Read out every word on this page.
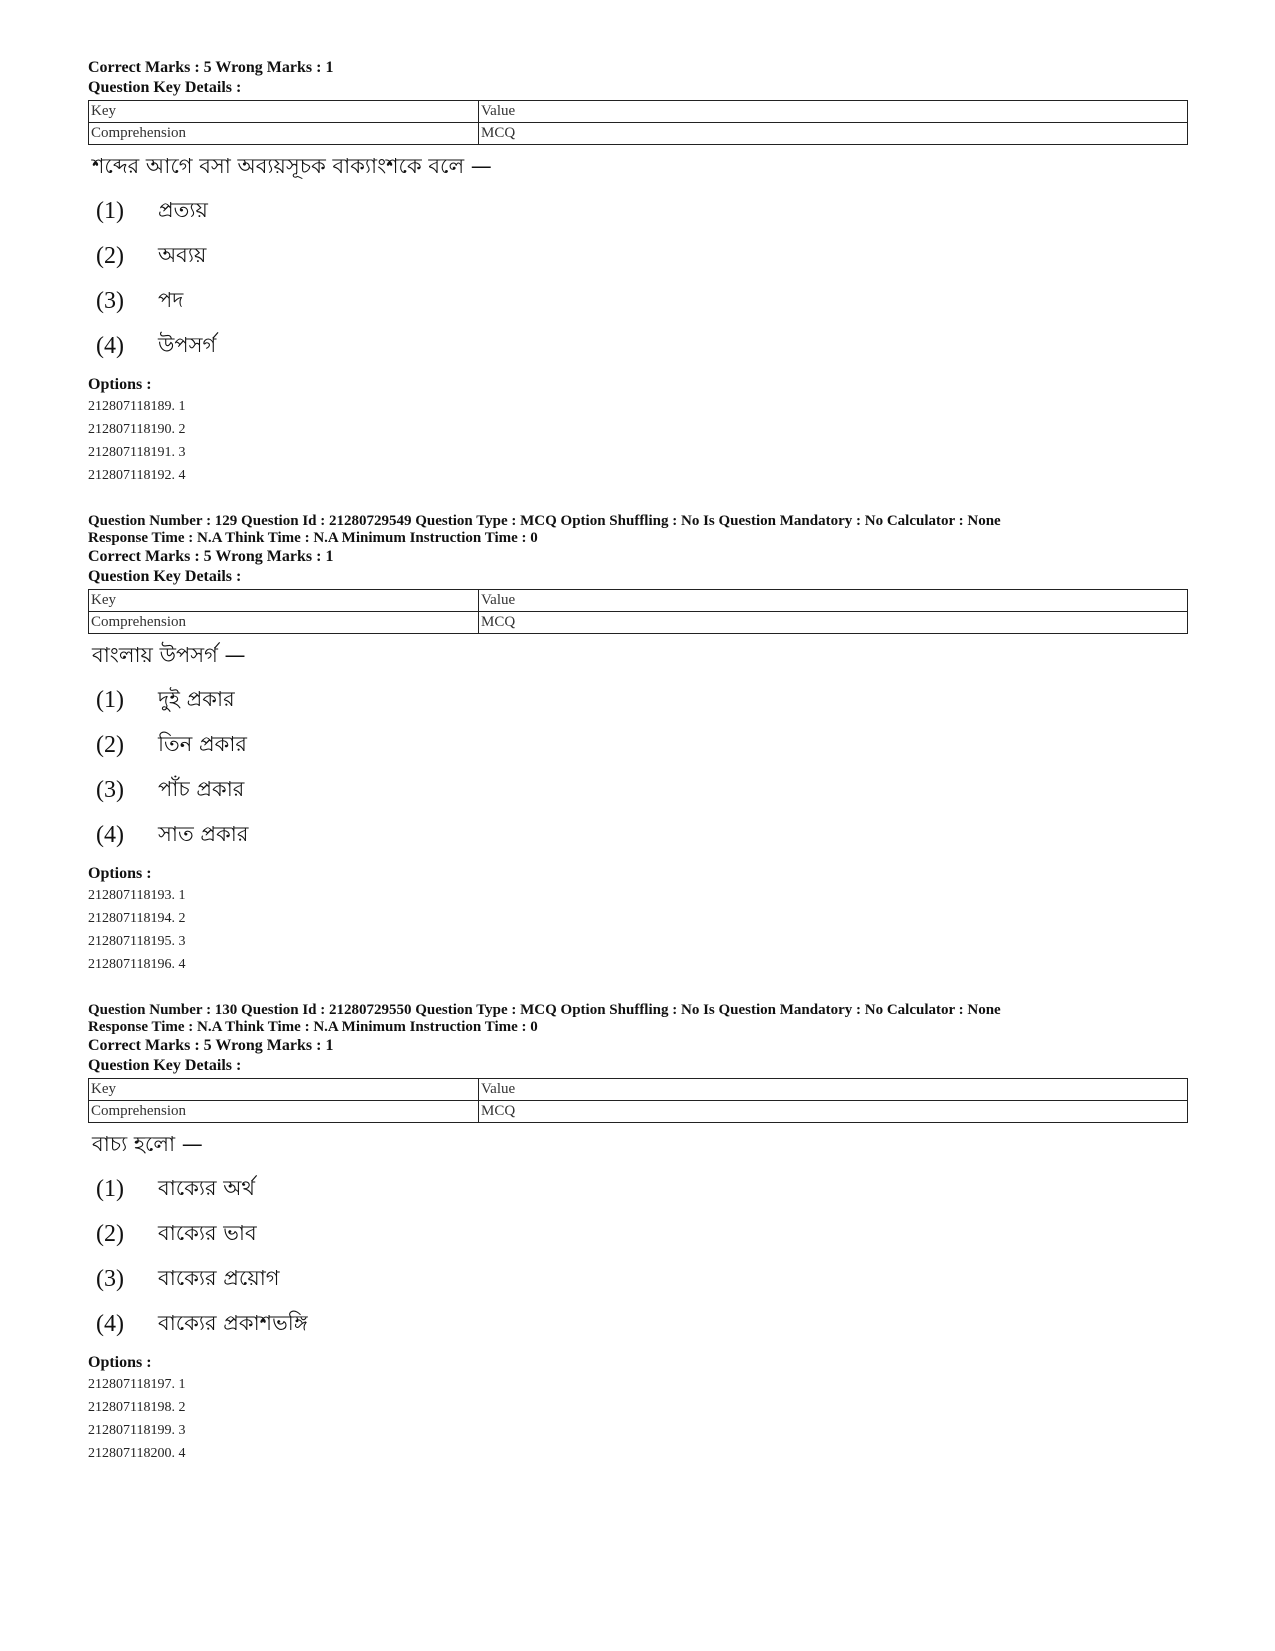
Correct Marks : 5 Wrong Marks : 1
Question Key Details :
Key	Value
Comprehension	MCQ
শব্দের আগে বসা অব্যয়সূচক বাক্যাংশকে বলে —
(1)	প্রত্যয়
(2)	অব্যয়
(3)	পদ
(4)	উপসর্গ
Options :
212807118189. 1
212807118190. 2
212807118191. 3
212807118192. 4
Question Number : 129 Question Id : 21280729549 Question Type : MCQ Option Shuffling : No Is Question Mandatory : No Calculator : None
Response Time : N.A Think Time : N.A Minimum Instruction Time : 0
Correct Marks : 5 Wrong Marks : 1
Question Key Details :
Key	Value
Comprehension	MCQ
বাংলায় উপসর্গ —
(1)	দুই প্রকার
(2)	তিন প্রকার
(3)	পাঁচ প্রকার
(4)	সাত প্রকার
Options :
212807118193. 1
212807118194. 2
212807118195. 3
212807118196. 4
Question Number : 130 Question Id : 21280729550 Question Type : MCQ Option Shuffling : No Is Question Mandatory : No Calculator : None
Response Time : N.A Think Time : N.A Minimum Instruction Time : 0
Correct Marks : 5 Wrong Marks : 1
Question Key Details :
Key	Value
Comprehension	MCQ
বাচ্য হলো —
(1)	বাক্যের অর্থ
(2)	বাক্যের ভাব
(3)	বাক্যের প্রয়োগ
(4)	বাক্যের প্রকাশভঙ্গি
Options :
212807118197. 1
212807118198. 2
212807118199. 3
212807118200. 4
